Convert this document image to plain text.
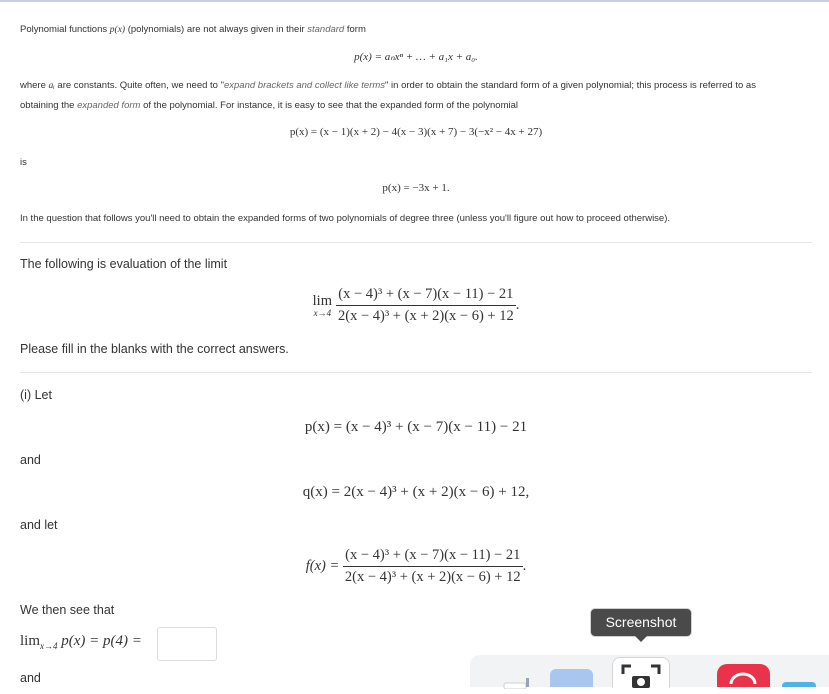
Polynomial functions p(x) (polynomials) are not always given in their standard form
p(x) = aₙxⁿ + … + a₁x + a₀.
where aᵢ are constants. Quite often, we need to "expand brackets and collect like terms" in order to obtain the standard form of a given polynomial; this process is referred to as
obtaining the expanded form of the polynomial. For instance, it is easy to see that the expanded form of the polynomial
p(x) = (x − 1)(x + 2) − 4(x − 3)(x + 7) − 3(−x² − 4x + 27)
is
p(x) = −3x + 1.
In the question that follows you'll need to obtain the expanded forms of two polynomials of degree three (unless you'll figure out how to proceed otherwise).
The following is evaluation of the limit
lim
$x\to 4 \frac{\text{(x − 4)³ + (x − 7)(x − 11) − 21}}{\text{2(x − 4)³ + (x + 2)(x − 6) + 12}}$ .
Please fill in the blanks with the correct answers.
(i) Let
p(x) = (x − 4)³ + (x − 7)(x − 11) − 21
and
q(x) = 2(x − 4)³ + (x + 2)(x − 6) + 12,
and let
$f(x) = \frac{\text{(x − 4)³ + (x − 7)(x − 11) − 21}}{\text{2(x − 4)³ + (x + 2)(x − 6) + 12}}$ .
We then see that
$\lim_{x\to 4} p(x) = p(4)$ =
and
Screenshot
